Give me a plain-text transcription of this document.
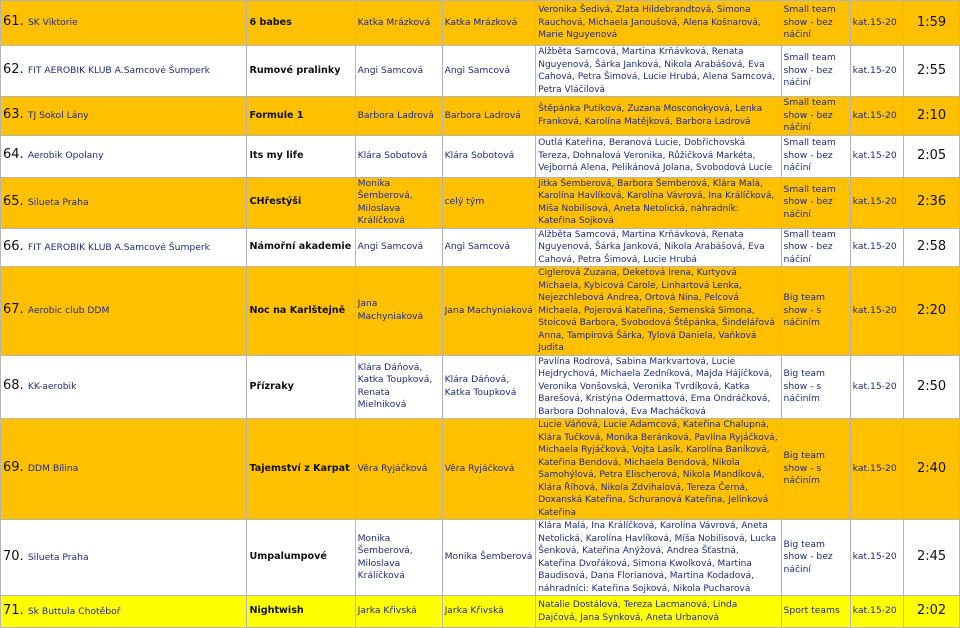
61. SK Viktorie	6 babes	Katka Mrázková	Katka Mrázková	Veronika Šedivá, Zlata Hildebrandtová, Simona Rauchová, Michaela Janoušová, Alena Košnarová, Marie Nguyenová	Small team show - bez náčiní	kat.15-20	1:59
62. FIT AEROBIK KLUB A.Samcové Šumperk	Rumové pralinky	Angi Samcová	Angi Samcová	Alžběta Samcová, Martina Krňávková, Renata Nguyenová, Šárka Janková, Nikola Arabášová, Eva Cahová, Petra Šimová, Lucie Hrubá, Alena Samcová, Petra Vláčilová	Small team show - bez náčiní	kat.15-20	2:55
63. TJ Sokol Lány	Formule 1	Barbora Ladrová	Barbora Ladrová	Štěpánka Putíková, Zuzana Mosconokyová, Lenka Franková, Karolína Matějková, Barbora Ladrová	Small team show - bez náčiní	kat.15-20	2:10
64. Aerobik Opolany	Its my life	Klára Sobotová	Klára Sobotová	Outlá Kateřina, Beranová Lucie, Dobřichovská Tereza, Dohnalová Veronika, Růžičková Markéta, Vejborná Alena, Pelikánová Jolana, Svobodová Lucie	Small team show - bez náčiní	kat.15-20	2:05
65. Silueta Praha	CHřestýši	Monika Šemberová, Miloslava Králíčková	celý tým	Jitka Šemberová, Barbora Šemberová, Klára Malá, Karolína Havlíková, Karolína Vávrová, Ina Králíčková, Míša Nobilisová, Aneta Netolická, náhradník: Kateřina Sojková	Small team show - bez náčiní	kat.15-20	2:36
66. FIT AEROBIK KLUB A.Samcové Šumperk	Námořní akademie	Angi Samcová	Angi Samcová	Alžběta Samcová, Martina Krňávková, Renata Nguyenová, Šárka Janková, Nikola Arabášová, Eva Cahová, Petra Šimová, Lucie Hrubá	Small team show - bez náčiní	kat.15-20	2:58
67. Aerobic club DDM	Noc na Karlštejně	Jana Machyniaková	Jana Machyniaková	Ciglerová Zuzana, Deketová Irena, Kurtyová Michaela, Kybicová Carole, Linhartová Lenka, Nejezchlebová Andrea, Ortová Nina, Pelcová Michaela, Pojerová Kateřina, Semenská Simona, Stoicová Barbora, Svobodová Štěpánka, Šindelářová Anna, Tampírová Šárka, Tylová Daniela, Vaňková Judita	Big team show - s náčiním	kat.15-20	2:20
68. KK-aerobik	Přízraky	Klára Dáňová, Katka Toupková, Renata Mielniková	Klára Dáňová, Katka Toupková	Pavlína Rodrová, Sabina Markvartová, Lucie Hejdrychová, Michaela Zedníková, Majda Hájíčková, Veronika Vonšovská, Veronika Tvrdíková, Katka Barešová, Kristýna Odermattová, Ema Ondráčková, Barbora Dohnalová, Eva Macháčková	Big team show - s náčiním	kat.15-20	2:50
69. DDM Bílina	Tajemství z Karpat	Věra Ryjáčková	Věra Ryjáčková	Lucie Váňová, Lucie Adamcová, Kateřina Chalupná, Klára Tučková, Monika Beránková, Pavlína Ryjáčková, Michaela Ryjáčková, Vojta Lasík, Karolína Baníková, Kateřina Bendová, Michaela Bendová, Nikola Samohýlová, Petra Elischerová, Nikola Mandíková, Klára Říhová, Nikola Zdvihalová, Tereza Černá, Doxanská Kateřina, Schuranová Kateřina, Jelínková Kateřina	Big team show - s náčiním	kat.15-20	2:40
70. Silueta Praha	Umpalumpové	Monika Šemberová, Miloslava Králíčková	Monika Šemberová	Klára Malá, Ina Králíčková, Karolína Vávrová, Aneta Netolická, Karolína Havlíková, Míša Nobilisová, Lucka Šenková, Kateřina Anýžová, Andrea Šťastná, Kateřina Dvořáková, Simona Kwolková, Martina Baudisová, Dana Florianová, Martina Kodadová, náhradníci: Kateřina Sojková, Nikola Pucharová	Big team show - bez náčiní	kat.15-20	2:45
71. Sk Buttula Chotěboř	Nightwish	Jarka Křivská	Jarka Křivská	Natalie Dostálová, Tereza Lacmanová, Linda Dajčová, Jana Synková, Aneta Urbanová	Sport teams	kat.15-20	2:02
